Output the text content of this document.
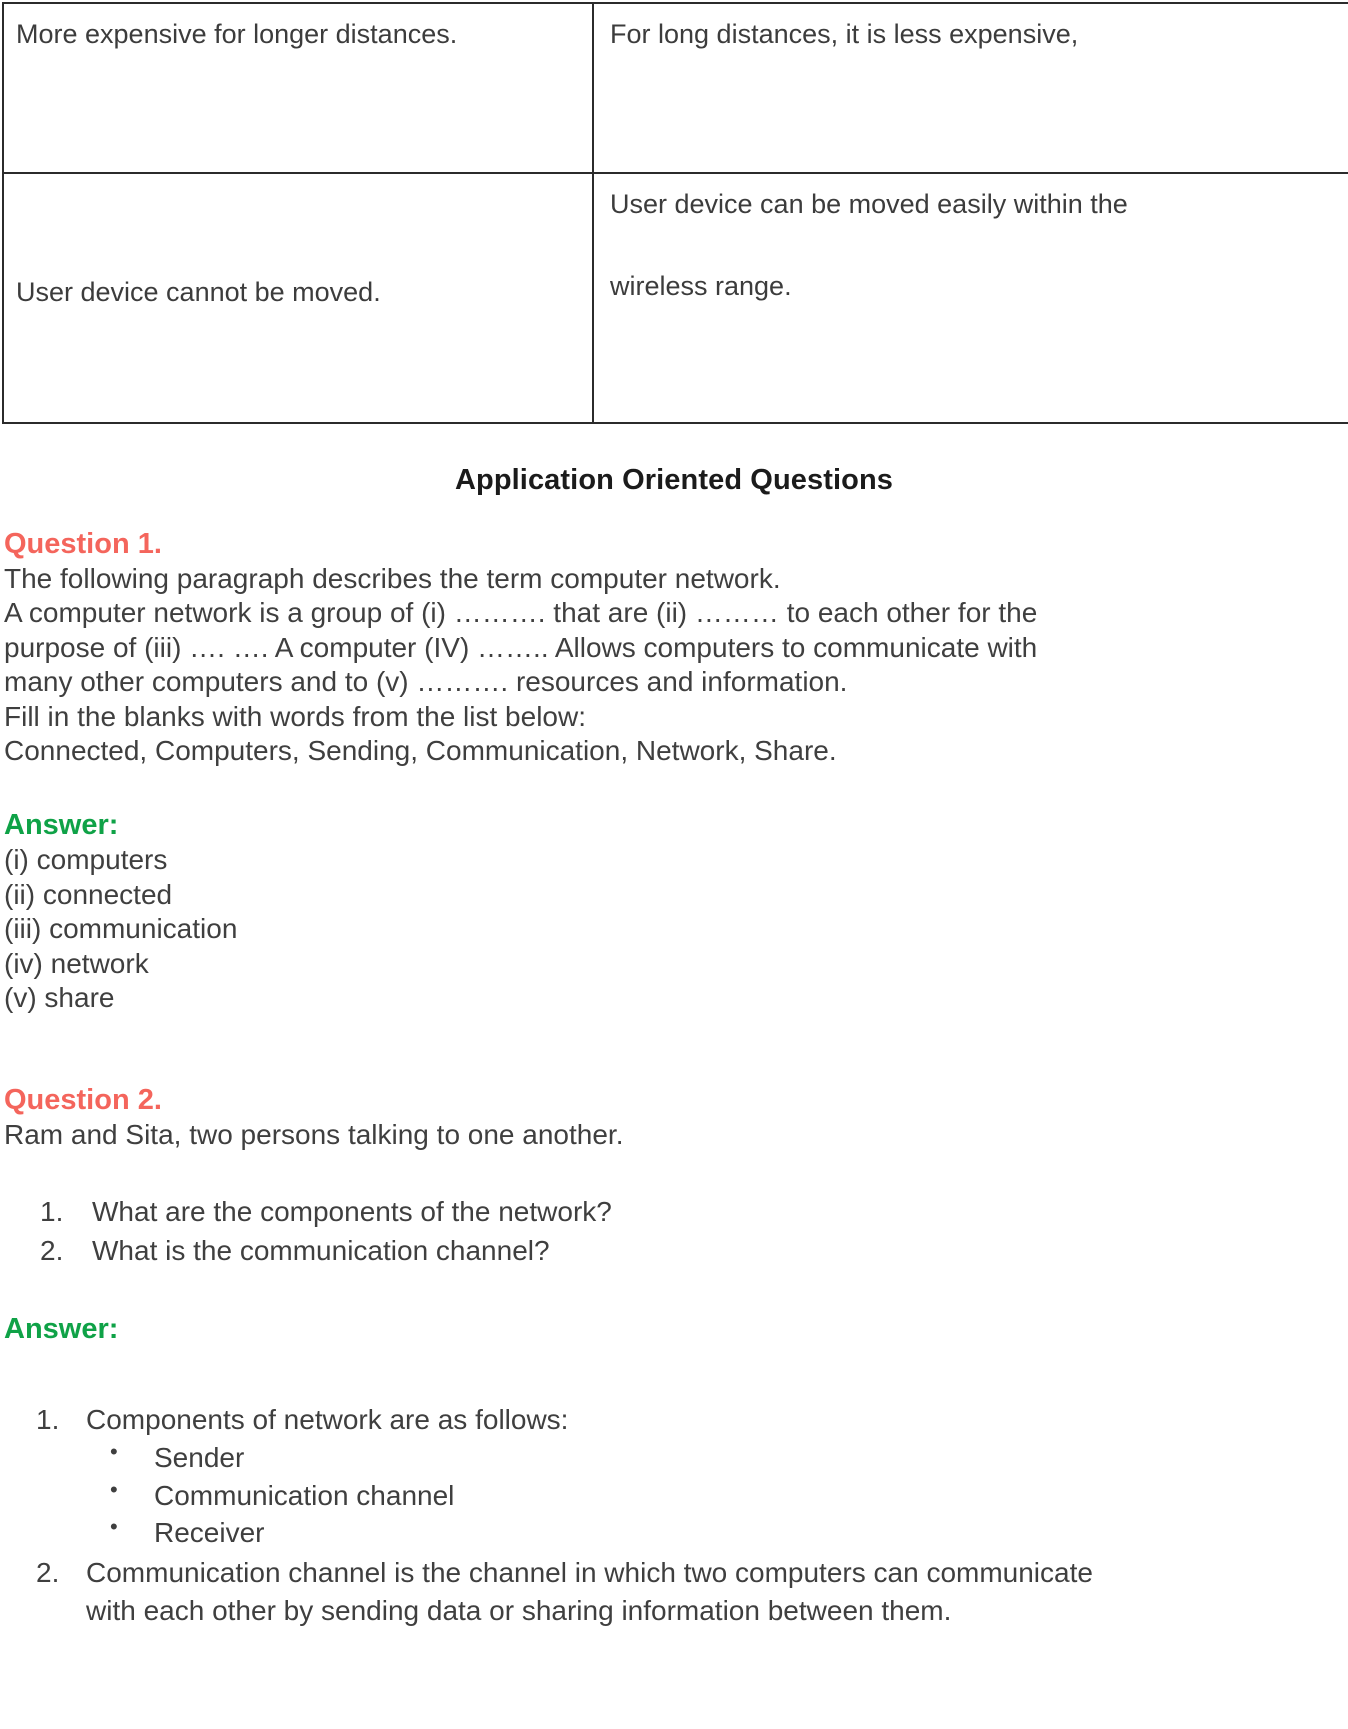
More expensive for longer distances.	For long distances, it is less expensive,

User device cannot be moved.	User device can be moved easily within the
wireless range.
Application Oriented Questions

Question 1.

The following paragraph describes the term computer network.

A computer network is a group of (i) ………. that are (ii) ……… to each other for the

purpose of (iii) …. …. A computer (IV) …….. Allows computers to communicate with

many other computers and to (v) ………. resources and information.

Fill in the blanks with words from the list below:

Connected, Computers, Sending, Communication, Network, Share.

Answer:

(i) computers

(ii) connected

(iii) communication

(iv) network

(v) share

Question 2.

Ram and Sita, two persons talking to one another.

What are the components of the network?
What is the communication channel?

Answer:

Components of network are as follows:
• Sender
• Communication channel
• Receiver
Communication channel is the channel in which two computers can communicate
with each other by sending data or sharing information between them.
